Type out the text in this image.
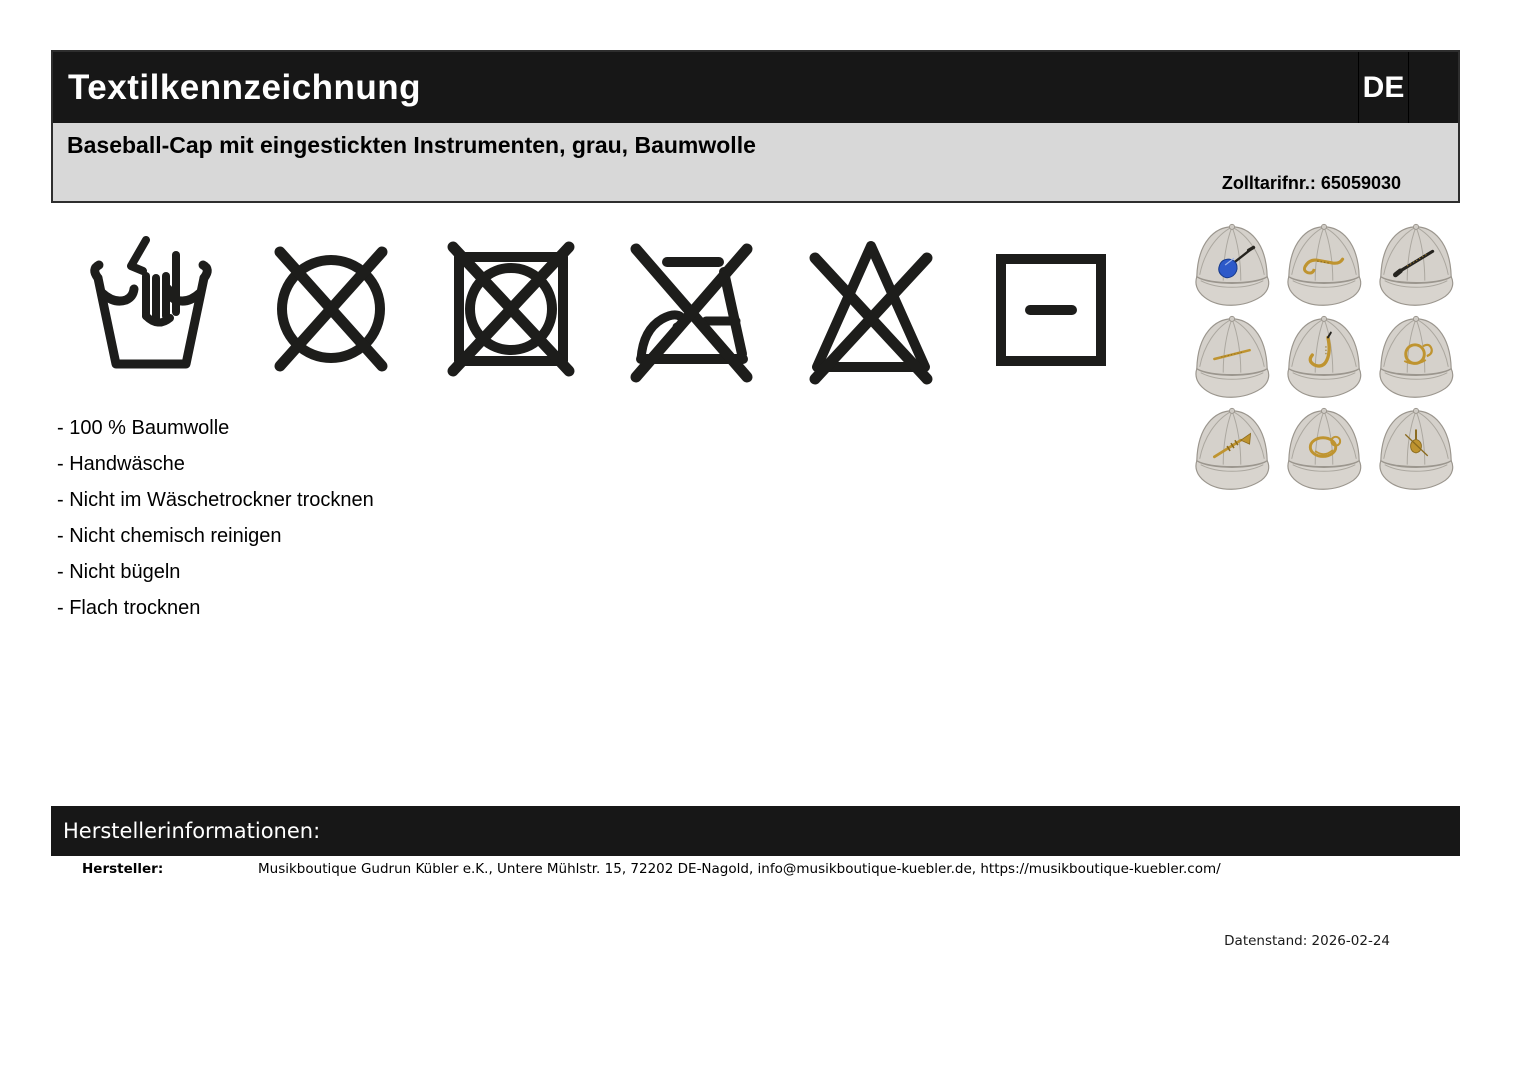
Textilkennzeichnung	DE
Baseball-Cap mit eingestickten Instrumenten, grau, Baumwolle
Zolltarifnr.: 65059030
- 100 % Baumwolle
- Handwäsche
- Nicht im Wäschetrockner trocknen
- Nicht chemisch reinigen
- Nicht bügeln
- Flach trocknen
Herstellerinformationen:
Hersteller:	Musikboutique Gudrun Kübler e.K., Untere Mühlstr. 15, 72202 DE-Nagold, info@musikboutique-kuebler.de, https://musikboutique-kuebler.com/
Datenstand: 2026-02-24
